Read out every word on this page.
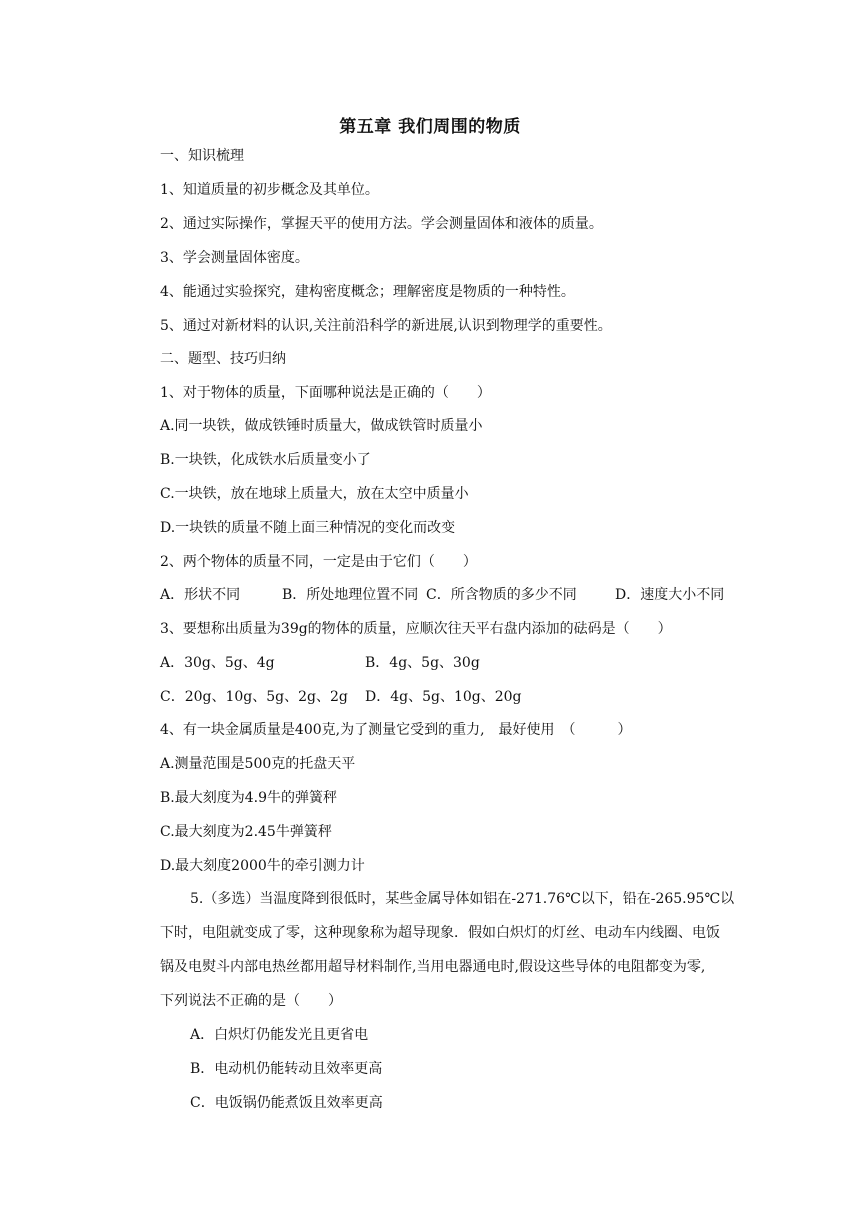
第五章 我们周围的物质
一、知识梳理
1、知道质量的初步概念及其单位。
2、通过实际操作，掌握天平的使用方法。学会测量固体和液体的质量。
3、学会测量固体密度。
4、能通过实验探究，建构密度概念；理解密度是物质的一种特性。
5、通过对新材料的认识,关注前沿科学的新进展,认识到物理学的重要性。
二、题型、技巧归纳
1、对于物体的质量，下面哪种说法是正确的（　　）
A.同一块铁，做成铁锤时质量大，做成铁管时质量小
B.一块铁，化成铁水后质量变小了
C.一块铁，放在地球上质量大，放在太空中质量小
D.一块铁的质量不随上面三种情况的变化而改变
2、两个物体的质量不同，一定是由于它们（　　）
A．形状不同	B．所处地理位置不同 C．所含物质的多少不同	D．速度大小不同
3、要想称出质量为39g的物体的质量，应顺次往天平右盘内添加的砝码是（　　）
A．30g、5g、4g	B．4g、5g、30g
C．20g、10g、5g、2g、2g D．4g、5g、10g、20g
4、有一块金属质量是400克,为了测量它受到的重力,　最好使用　（　　　）
A.测量范围是500克的托盘天平
B.最大刻度为4.9牛的弹簧秤
C.最大刻度为2.45牛弹簧秤
D.最大刻度2000牛的牵引测力计
5.（多选）当温度降到很低时，某些金属导体如铝在-271.76℃以下，铅在-265.95℃以
下时，电阻就变成了零，这种现象称为超导现象．假如白炽灯的灯丝、电动车内线圈、电饭
锅及电熨斗内部电热丝都用超导材料制作,当用电器通电时,假设这些导体的电阻都变为零,
下列说法不正确的是（　　）
A．白炽灯仍能发光且更省电
B．电动机仍能转动且效率更高
C．电饭锅仍能煮饭且效率更高
